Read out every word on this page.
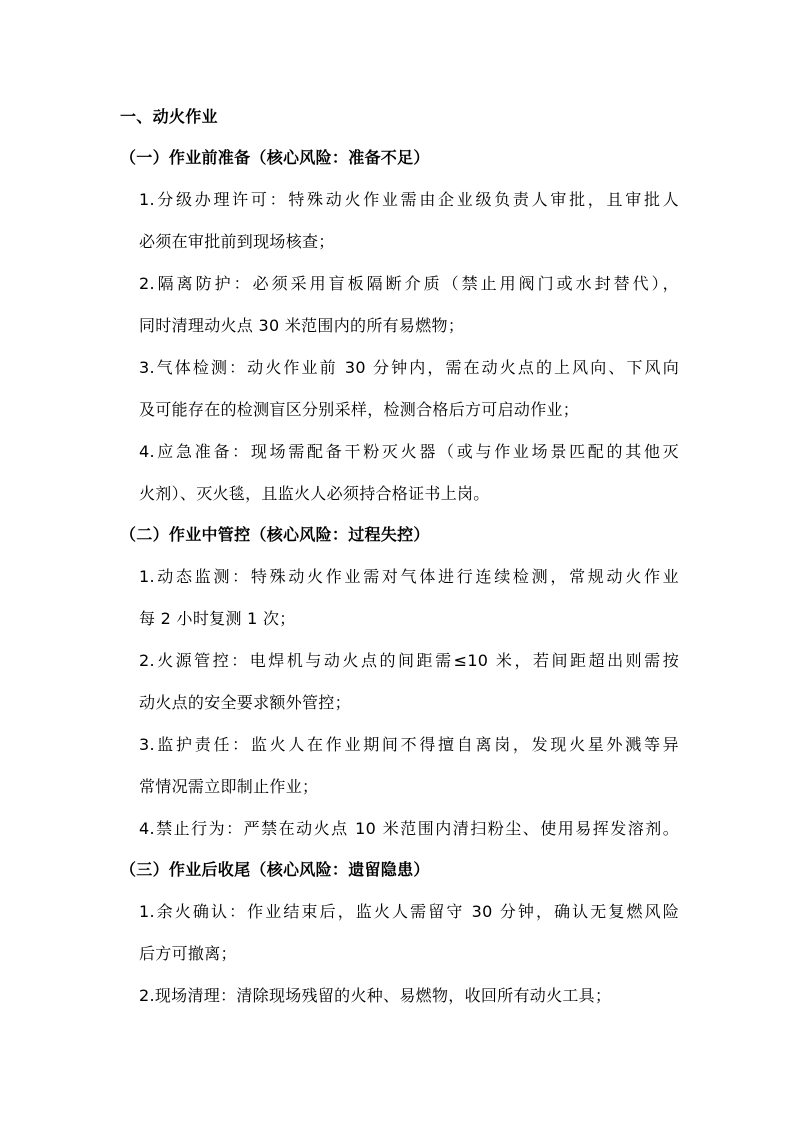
一、动火作业
（一）作业前准备（核心风险：准备不足）
1.分级办理许可：特殊动火作业需由企业级负责人审批，且审批人
必须在审批前到现场核查；
2.隔离防护：必须采用盲板隔断介质（禁止用阀门或水封替代），
同时清理动火点 30 米范围内的所有易燃物；
3.气体检测：动火作业前 30 分钟内，需在动火点的上风向、下风向
及可能存在的检测盲区分别采样，检测合格后方可启动作业；
4.应急准备：现场需配备干粉灭火器（或与作业场景匹配的其他灭
火剂）、灭火毯，且监火人必须持合格证书上岗。
（二）作业中管控（核心风险：过程失控）
1.动态监测：特殊动火作业需对气体进行连续检测，常规动火作业
每 2 小时复测 1 次；
2.火源管控：电焊机与动火点的间距需≤10 米，若间距超出则需按
动火点的安全要求额外管控；
3.监护责任：监火人在作业期间不得擅自离岗，发现火星外溅等异
常情况需立即制止作业；
4.禁止行为：严禁在动火点 10 米范围内清扫粉尘、使用易挥发溶剂。
（三）作业后收尾（核心风险：遗留隐患）
1.余火确认：作业结束后，监火人需留守 30 分钟，确认无复燃风险
后方可撤离；
2.现场清理：清除现场残留的火种、易燃物，收回所有动火工具；
